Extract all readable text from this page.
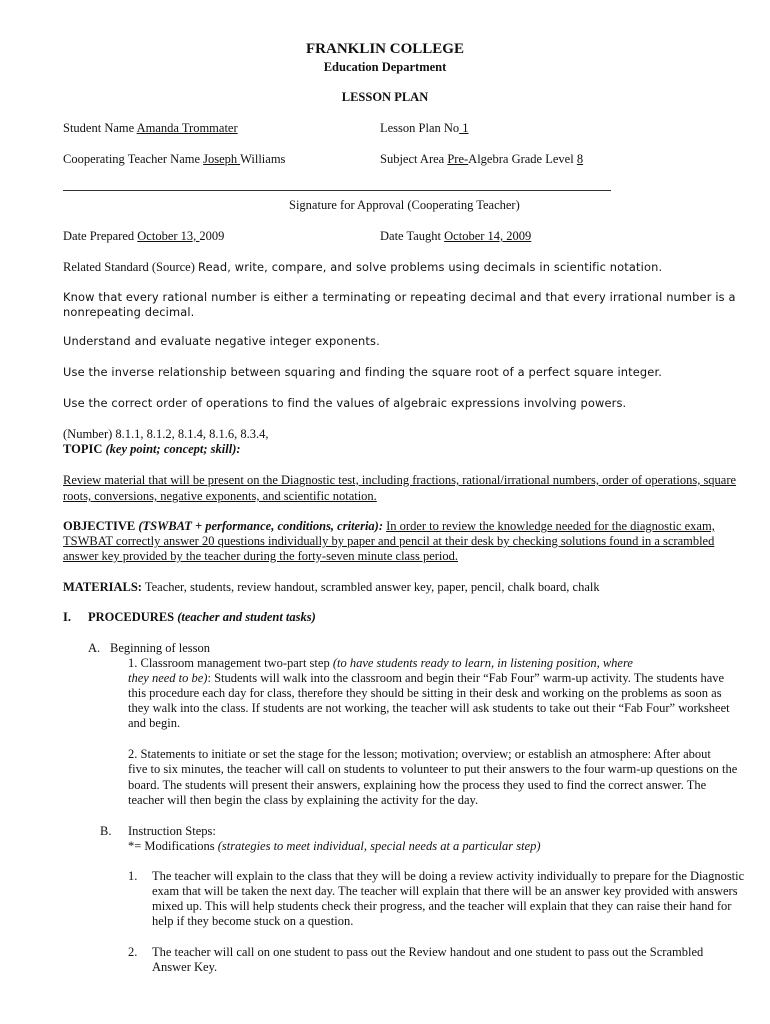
FRANKLIN COLLEGE
Education Department
LESSON PLAN
Student Name Amanda Trommater	Lesson Plan No 1
Cooperating Teacher Name Joseph Williams	Subject Area Pre-Algebra Grade Level 8
Signature for Approval (Cooperating Teacher)
Date Prepared October 13, 2009	Date Taught October 14, 2009
Related Standard (Source) Read, write, compare, and solve problems using decimals in scientific notation.
Know that every rational number is either a terminating or repeating decimal and that every irrational number is a
nonrepeating decimal.
Understand and evaluate negative integer exponents.
Use the inverse relationship between squaring and finding the square root of a perfect square integer.
Use the correct order of operations to find the values of algebraic expressions involving powers.
(Number) 8.1.1, 8.1.2, 8.1.4, 8.1.6, 8.3.4,
TOPIC (key point; concept; skill):
Review material that will be present on the Diagnostic test, including fractions, rational/irrational numbers, order of operations, square
roots, conversions, negative exponents, and scientific notation.
OBJECTIVE (TSWBAT + performance, conditions, criteria): In order to review the knowledge needed for the diagnostic exam,
TSWBAT correctly answer 20 questions individually by paper and pencil at their desk by checking solutions found in a scrambled
answer key provided by the teacher during the forty-seven minute class period.
MATERIALS: Teacher, students, review handout, scrambled answer key, paper, pencil, chalk board, chalk
I. PROCEDURES (teacher and student tasks)
A. Beginning of lesson
1. Classroom management two-part step (to have students ready to learn, in listening position, where
they need to be): Students will walk into the classroom and begin their “Fab Four” warm-up activity. The students have
this procedure each day for class, therefore they should be sitting in their desk and working on the problems as soon as
they walk into the class. If students are not working, the teacher will ask students to take out their “Fab Four” worksheet
and begin.
2. Statements to initiate or set the stage for the lesson; motivation; overview; or establish an atmosphere: After about
five to six minutes, the teacher will call on students to volunteer to put their answers to the four warm-up questions on the
board. The students will present their answers, explaining how the process they used to find the correct answer. The
teacher will then begin the class by explaining the activity for the day.
B. Instruction Steps:
*= Modifications (strategies to meet individual, special needs at a particular step)
1. The teacher will explain to the class that they will be doing a review activity individually to prepare for the Diagnostic
exam that will be taken the next day. The teacher will explain that there will be an answer key provided with answers
mixed up. This will help students check their progress, and the teacher will explain that they can raise their hand for
help if they become stuck on a question.
2. The teacher will call on one student to pass out the Review handout and one student to pass out the Scrambled
Answer Key.
